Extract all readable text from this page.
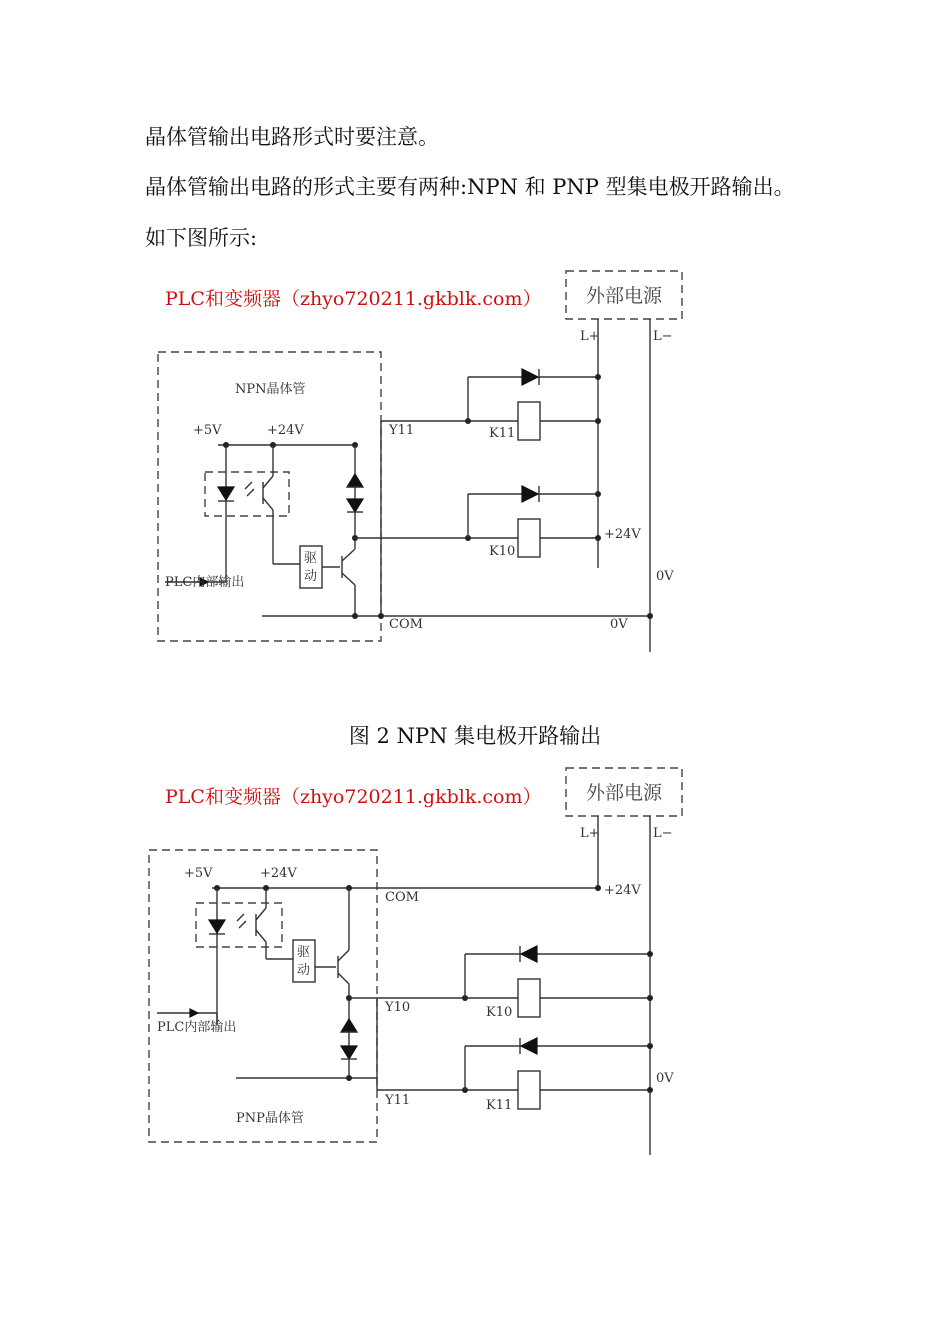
晶体管输出电路形式时要注意。

晶体管输出电路的形式主要有两种:NPN 和 PNP 型集电极开路输出。

如下图所示:

PLC和变频器（zhyo720211.gkblk.com） 外部电源
L+	L−
NPN晶体管
+5V	+24V
PLC内部输出
驱
动
Y11	K11
K10
+24V
0V
COM	0V

图 2 NPN 集电极开路输出

PLC和变频器（zhyo720211.gkblk.com） 外部电源
L+	L−
+5V	+24V
COM	+24V
PLC内部输出
驱
动
Y10	K10
Y11	K11
0V
PNP晶体管
